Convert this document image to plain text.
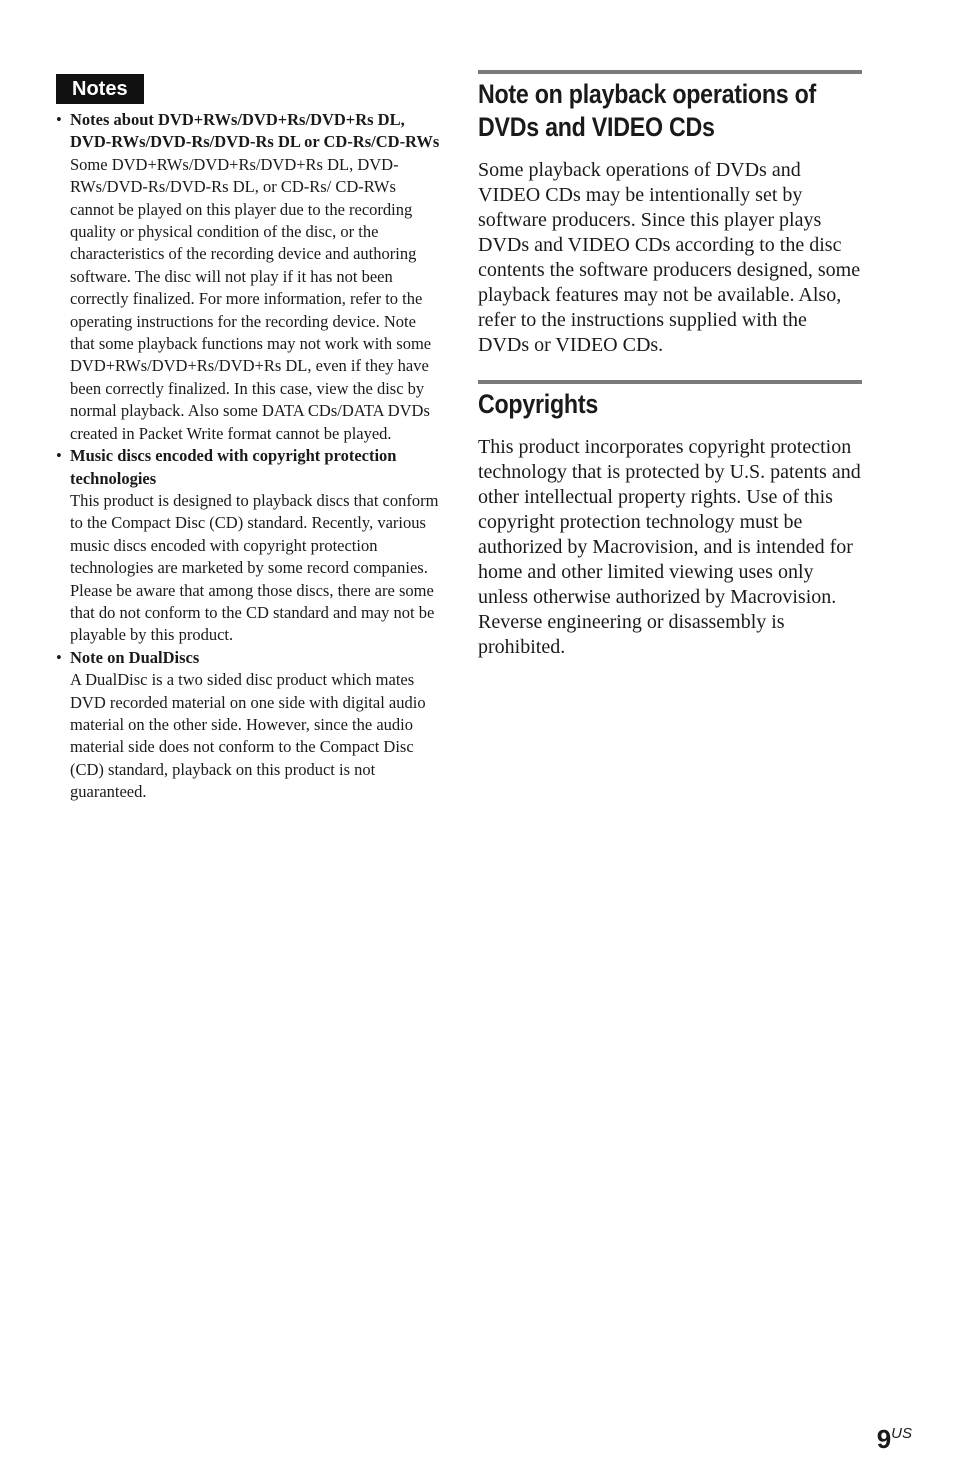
Notes
• Notes about DVD+RWs/DVD+Rs/DVD+Rs DL, DVD-RWs/DVD-Rs/DVD-Rs DL or CD-Rs/CD-RWs
Some DVD+RWs/DVD+Rs/DVD+Rs DL, DVD-RWs/DVD-Rs/DVD-Rs DL, or CD-Rs/ CD-RWs cannot be played on this player due to the recording quality or physical condition of the disc, or the characteristics of the recording device and authoring software. The disc will not play if it has not been correctly finalized. For more information, refer to the operating instructions for the recording device. Note that some playback functions may not work with some DVD+RWs/DVD+Rs/DVD+Rs DL, even if they have been correctly finalized. In this case, view the disc by normal playback. Also some DATA CDs/DATA DVDs created in Packet Write format cannot be played.
• Music discs encoded with copyright protection technologies
This product is designed to playback discs that conform to the Compact Disc (CD) standard. Recently, various music discs encoded with copyright protection technologies are marketed by some record companies. Please be aware that among those discs, there are some that do not conform to the CD standard and may not be playable by this product.
• Note on DualDiscs
A DualDisc is a two sided disc product which mates DVD recorded material on one side with digital audio material on the other side. However, since the audio material side does not conform to the Compact Disc (CD) standard, playback on this product is not guaranteed.
Note on playback operations of DVDs and VIDEO CDs

Some playback operations of DVDs and VIDEO CDs may be intentionally set by software producers. Since this player plays DVDs and VIDEO CDs according to the disc contents the software producers designed, some playback features may not be available. Also, refer to the instructions supplied with the DVDs or VIDEO CDs.

Copyrights

This product incorporates copyright protection technology that is protected by U.S. patents and other intellectual property rights. Use of this copyright protection technology must be authorized by Macrovision, and is intended for home and other limited viewing uses only unless otherwise authorized by Macrovision. Reverse engineering or disassembly is prohibited.

9US
